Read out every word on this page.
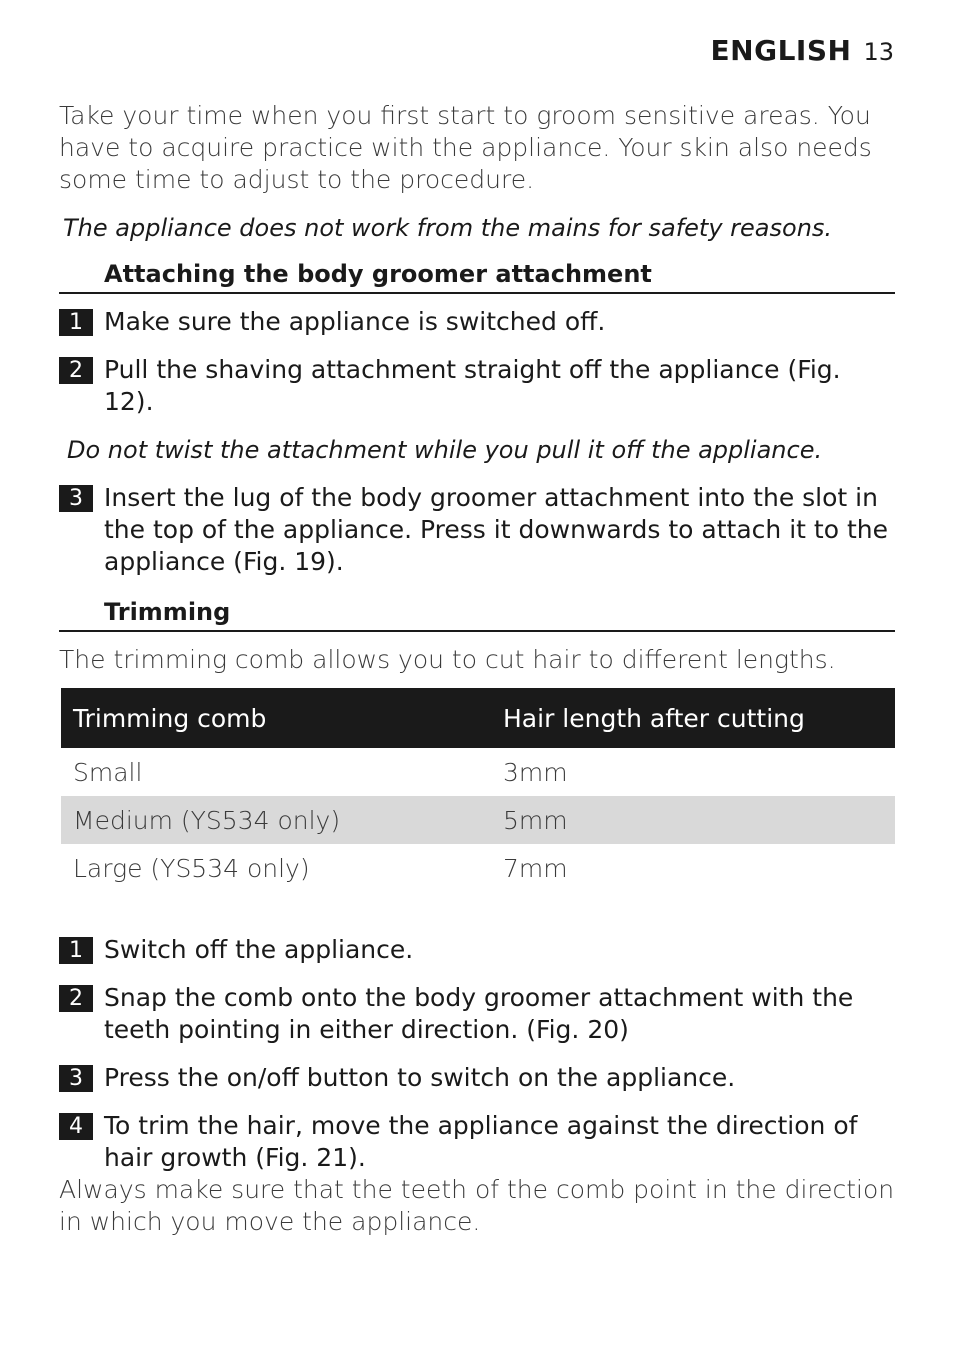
ENGLISH 13

Take your time when you first start to groom sensitive areas. You have to acquire practice with the appliance. Your skin also needs some time to adjust to the procedure.

The appliance does not work from the mains for safety reasons.

Attaching the body groomer attachment
1 Make sure the appliance is switched off.
2 Pull the shaving attachment straight off the appliance (Fig. 12).

Do not twist the attachment while you pull it off the appliance.

3 Insert the lug of the body groomer attachment into the slot in the top of the appliance. Press it downwards to attach it to the appliance (Fig. 19).
Trimming

The trimming comb allows you to cut hair to different lengths.

Trimming comb	Hair length after cutting
Small	3mm
Medium (YS534 only)	5mm
Large (YS534 only)	7mm
1 Switch off the appliance.
2 Snap the comb onto the body groomer attachment with the teeth pointing in either direction. (Fig. 20)
3 Press the on/off button to switch on the appliance.
4 To trim the hair, move the appliance against the direction of hair growth (Fig. 21).

Always make sure that the teeth of the comb point in the direction in which you move the appliance.
